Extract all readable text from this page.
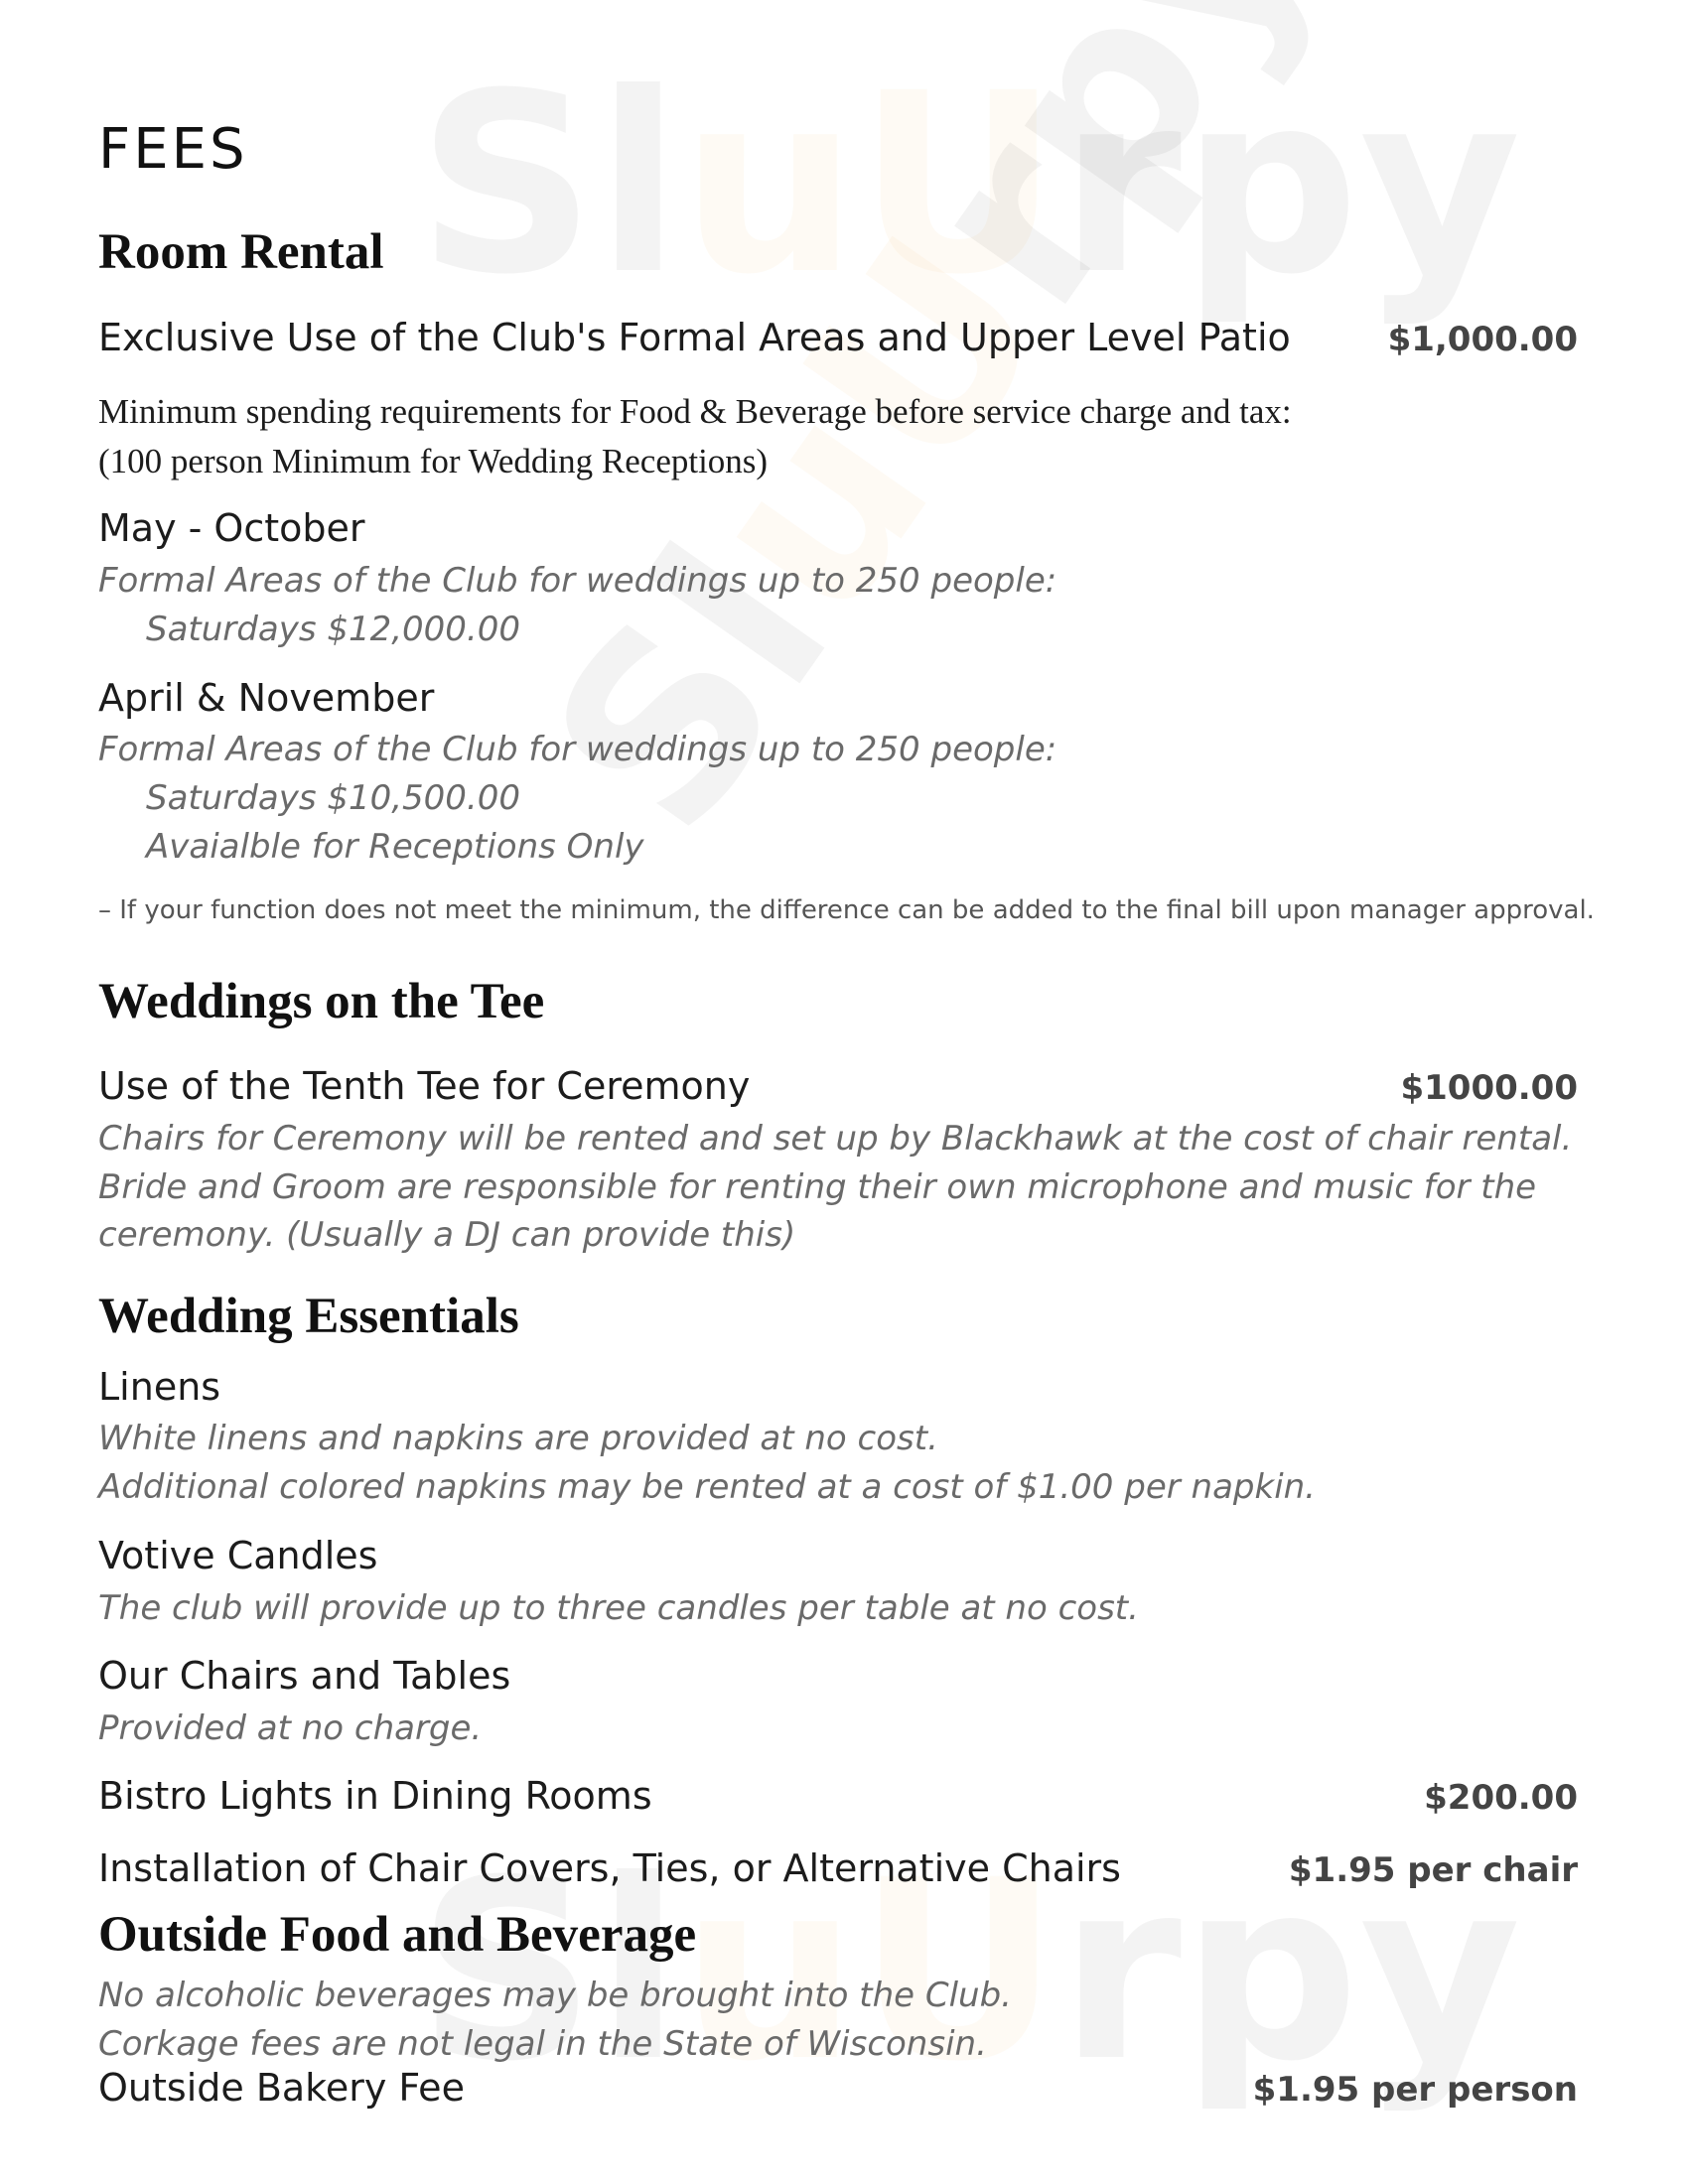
FEES
Room Rental
Exclusive Use of the Club's Formal Areas and Upper Level Patio	$1,000.00
Minimum spending requirements for Food & Beverage before service charge and tax:
(100 person Minimum for Wedding Receptions)
May - October
Formal Areas of the Club for weddings up to 250 people:
Saturdays $12,000.00
April & November
Formal Areas of the Club for weddings up to 250 people:
Saturdays $10,500.00
Avaialble for Receptions Only
– If your function does not meet the minimum, the difference can be added to the final bill upon manager approval.
Weddings on the Tee
Use of the Tenth Tee for Ceremony	$1000.00
Chairs for Ceremony will be rented and set up by Blackhawk at the cost of chair rental.
Bride and Groom are responsible for renting their own microphone and music for the
ceremony. (Usually a DJ can provide this)
Wedding Essentials
Linens
White linens and napkins are provided at no cost.
Additional colored napkins may be rented at a cost of $1.00 per napkin.
Votive Candles
The club will provide up to three candles per table at no cost.
Our Chairs and Tables
Provided at no charge.
Bistro Lights in Dining Rooms	$200.00
Installation of Chair Covers, Ties, or Alternative Chairs	$1.95 per chair
Outside Food and Beverage
No alcoholic beverages may be brought into the Club.
Corkage fees are not legal in the State of Wisconsin.
Outside Bakery Fee	$1.95 per person
